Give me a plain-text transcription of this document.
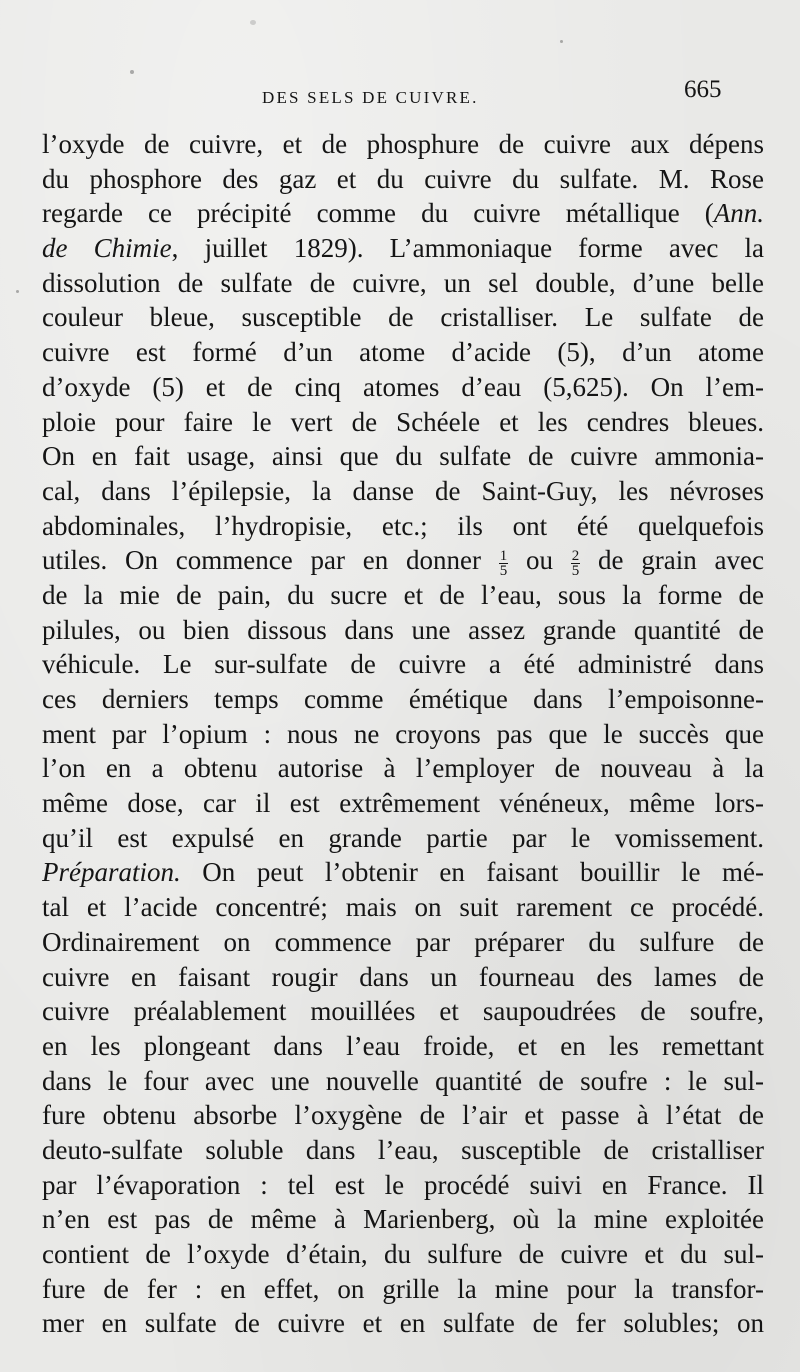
DES SELS DE CUIVRE.	665
l’oxyde de cuivre, et de phosphure de cuivre aux dépens
du phosphore des gaz et du cuivre du sulfate. M. Rose
regarde ce précipité comme du cuivre métallique (Ann.
de Chimie, juillet 1829). L’ammoniaque forme avec la
dissolution de sulfate de cuivre, un sel double, d’une belle
couleur bleue, susceptible de cristalliser. Le sulfate de
cuivre est formé d’un atome d’acide (5), d’un atome
d’oxyde (5) et de cinq atomes d’eau (5,625). On l’em-
ploie pour faire le vert de Schéele et les cendres bleues.
On en fait usage, ainsi que du sulfate de cuivre ammonia-
cal, dans l’épilepsie, la danse de Saint-Guy, les névroses
abdominales, l’hydropisie, etc.; ils ont été quelquefois
utiles. On commence par en donner $\frac{1}{5}$ ou $\frac{2}{5}$ de grain avec
de la mie de pain, du sucre et de l’eau, sous la forme de
pilules, ou bien dissous dans une assez grande quantité de
véhicule. Le sur-sulfate de cuivre a été administré dans
ces derniers temps comme émétique dans l’empoisonne-
ment par l’opium : nous ne croyons pas que le succès que
l’on en a obtenu autorise à l’employer de nouveau à la
même dose, car il est extrêmement vénéneux, même lors-
qu’il est expulsé en grande partie par le vomissement.
Préparation. On peut l’obtenir en faisant bouillir le mé-
tal et l’acide concentré; mais on suit rarement ce procédé.
Ordinairement on commence par préparer du sulfure de
cuivre en faisant rougir dans un fourneau des lames de
cuivre préalablement mouillées et saupoudrées de soufre,
en les plongeant dans l’eau froide, et en les remettant
dans le four avec une nouvelle quantité de soufre : le sul-
fure obtenu absorbe l’oxygène de l’air et passe à l’état de
deuto-sulfate soluble dans l’eau, susceptible de cristalliser
par l’évaporation : tel est le procédé suivi en France. Il
n’en est pas de même à Marienberg, où la mine exploitée
contient de l’oxyde d’étain, du sulfure de cuivre et du sul-
fure de fer : en effet, on grille la mine pour la transfor-
mer en sulfate de cuivre et en sulfate de fer solubles; on
